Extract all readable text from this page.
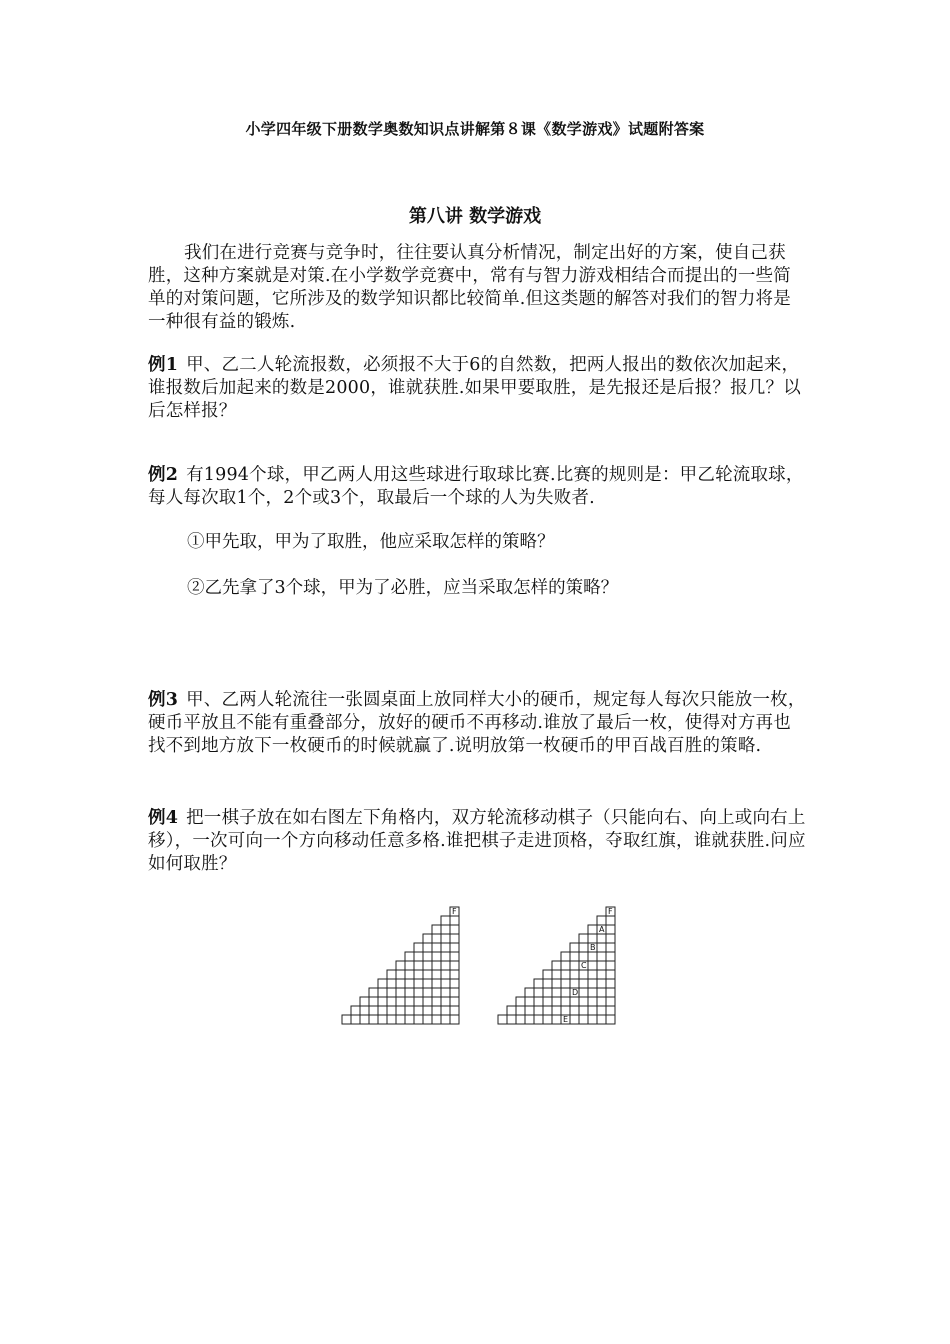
小学四年级下册数学奥数知识点讲解第８课《数学游戏》试题附答案
第八讲 数学游戏
我们在进行竞赛与竞争时，往往要认真分析情况，制定出好的方案，使自己获胜，这种方案就是对策.在小学数学竞赛中，常有与智力游戏相结合而提出的一些简单的对策问题，它所涉及的数学知识都比较简单.但这类题的解答对我们的智力将是一种很有益的锻炼.
例1 甲、乙二人轮流报数，必须报不大于6的自然数，把两人报出的数依次加起来，谁报数后加起来的数是2000，谁就获胜.如果甲要取胜，是先报还是后报？报几？以后怎样报？
例2 有1994个球，甲乙两人用这些球进行取球比赛.比赛的规则是：甲乙轮流取球，每人每次取1个，2个或3个，取最后一个球的人为失败者.
①甲先取，甲为了取胜，他应采取怎样的策略？
②乙先拿了3个球，甲为了必胜，应当采取怎样的策略？
例3 甲、乙两人轮流往一张圆桌面上放同样大小的硬币，规定每人每次只能放一枚，硬币平放且不能有重叠部分，放好的硬币不再移动.谁放了最后一枚，使得对方再也找不到地方放下一枚硬币的时候就赢了.说明放第一枚硬币的甲百战百胜的策略.
例4 把一棋子放在如右图左下角格内，双方轮流移动棋子（只能向右、向上或向右上移），一次可向一个方向移动任意多格.谁把棋子走进顶格，夺取红旗，谁就获胜.问应如何取胜？
F	F
A
B
C
D
E
